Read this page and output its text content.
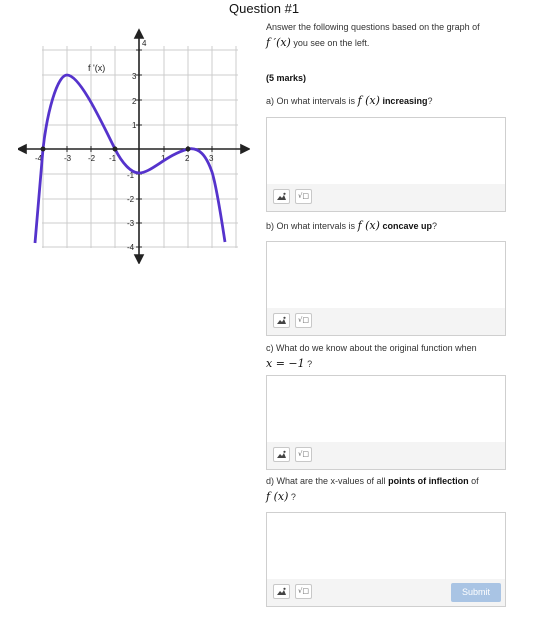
Question #1
-4	-3 -2 -1	1 2 3
4
3
2
1
-1
-2
-3
-4
f '(x)
Answer the following questions based on the graph of
f ′(x) you see on the left.
(5 marks)
a) On what intervals is f (x) increasing?
√□
b) On what intervals is f (x) concave up?
√□
c) What do we know about the original function when
x = −1 ?
√□
d) What are the x-values of all points of inflection of
f (x) ?
√□	Submit
